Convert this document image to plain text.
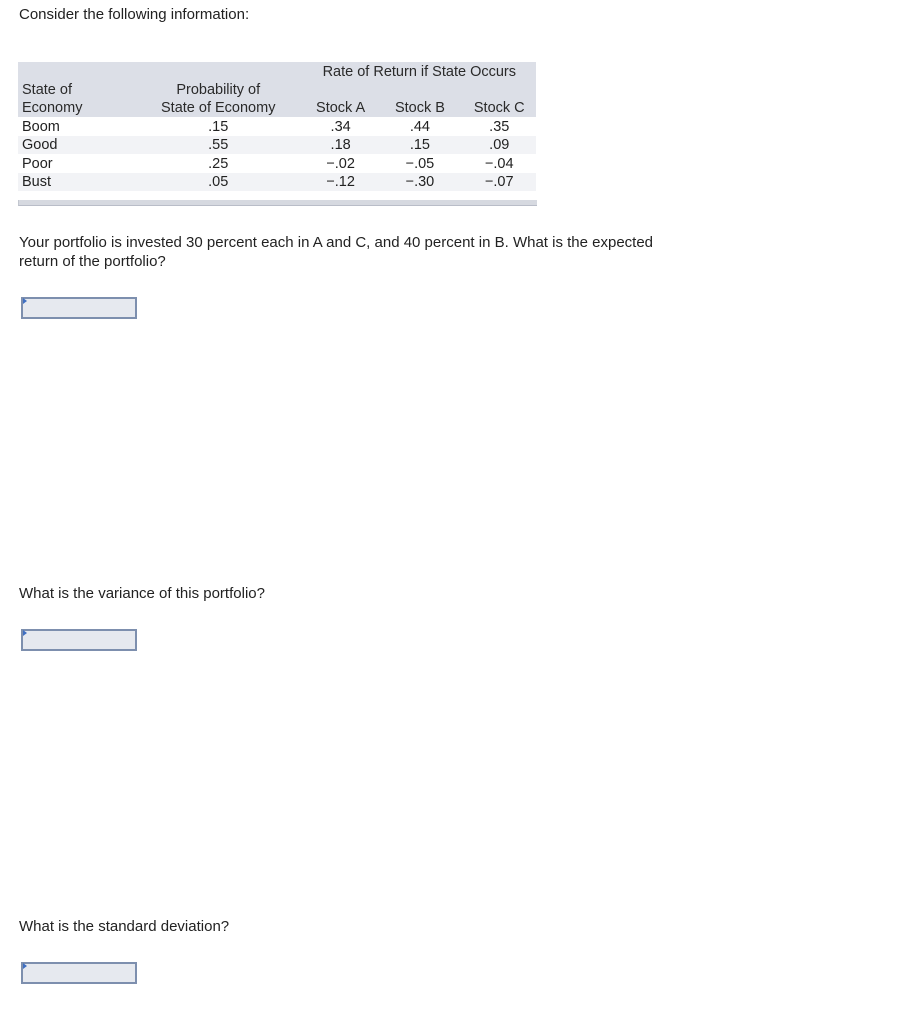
Consider the following information:

		Rate of Return if State Occurs		
State of	Probability of			
Economy	State of Economy	Stock A	Stock B	Stock C
Boom	.15	.34	.44	.35
Good	.55	.18	.15	.09
Poor	.25	−.02	−.05	−.04
Bust	.05	−.12	−.30	−.07

Your portfolio is invested 30 percent each in A and C, and 40 percent in B. What is the expected return of the portfolio?

What is the variance of this portfolio?

What is the standard deviation?
